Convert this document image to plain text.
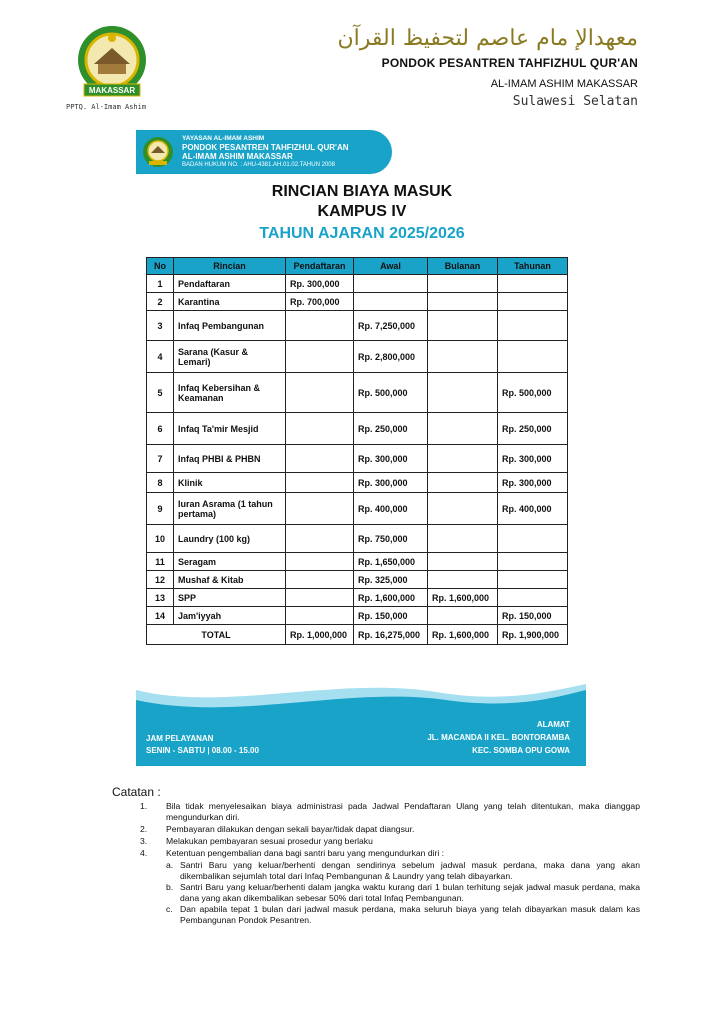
MAKASSAR
PPTQ. Al-Imam Ashim
معهدالإ مام عاصم لتحفيظ القرآن
PONDOK PESANTREN TAHFIZHUL QUR'AN
AL-IMAM ASHIM MAKASSAR
Sulawesi Selatan
YAYASAN AL-IMAM ASHIM
PONDOK PESANTREN TAHFIZHUL QUR'AN
AL-IMAM ASHIM MAKASSAR
BADAN HUKUM NO. : AHU-4381.AH.01.02.TAHUN 2008
RINCIAN BIAYA MASUK
KAMPUS IV
TAHUN AJARAN 2025/2026
No	Rincian	Pendaftaran	Awal	Bulanan	Tahunan
1	Pendaftaran	Rp. 300,000			
2	Karantina	Rp. 700,000			
3	Infaq Pembangunan		Rp. 7,250,000		
4	Sarana (Kasur & Lemari)		Rp. 2,800,000		
5	Infaq Kebersihan & Keamanan		Rp. 500,000		Rp. 500,000
6	Infaq Ta'mir Mesjid		Rp. 250,000		Rp. 250,000
7	Infaq PHBI & PHBN		Rp. 300,000		Rp. 300,000
8	Klinik		Rp. 300,000		Rp. 300,000
9	Iuran Asrama (1 tahun pertama)		Rp. 400,000		Rp. 400,000
10	Laundry (100 kg)		Rp. 750,000		
11	Seragam		Rp. 1,650,000		
12	Mushaf & Kitab		Rp. 325,000		
13	SPP		Rp. 1,600,000	Rp. 1,600,000	
14	Jam'iyyah		Rp. 150,000		Rp. 150,000
TOTAL		Rp. 1,000,000	Rp. 16,275,000	Rp. 1,600,000	Rp. 1,900,000
JAM PELAYANAN
SENIN - SABTU | 08.00 - 15.00
ALAMAT
JL. MACANDA II KEL. BONTORAMBA
KEC. SOMBA OPU GOWA
Catatan :
1.	Bila tidak menyelesaikan biaya administrasi pada Jadwal Pendaftaran Ulang yang telah ditentukan, maka dianggap mengundurkan diri.
2.	Pembayaran dilakukan dengan sekali bayar/tidak dapat diangsur.
3.	Melakukan pembayaran sesuai prosedur yang berlaku
4.	Ketentuan pengembalian dana bagi santri baru yang mengundurkan diri :
a. Santri Baru yang keluar/berhenti dengan sendirinya sebelum jadwal masuk perdana, maka dana yang akan dikembalikan sejumlah total dari Infaq Pembangunan & Laundry yang telah dibayarkan.
b. Santri Baru yang keluar/berhenti dalam jangka waktu kurang dari 1 bulan terhitung sejak jadwal masuk perdana, maka dana yang akan dikembalikan sebesar 50% dari total Infaq Pembangunan.
c. Dan apabila tepat 1 bulan dari jadwal masuk perdana, maka seluruh biaya yang telah dibayarkan masuk dalam kas Pembangunan Pondok Pesantren.
